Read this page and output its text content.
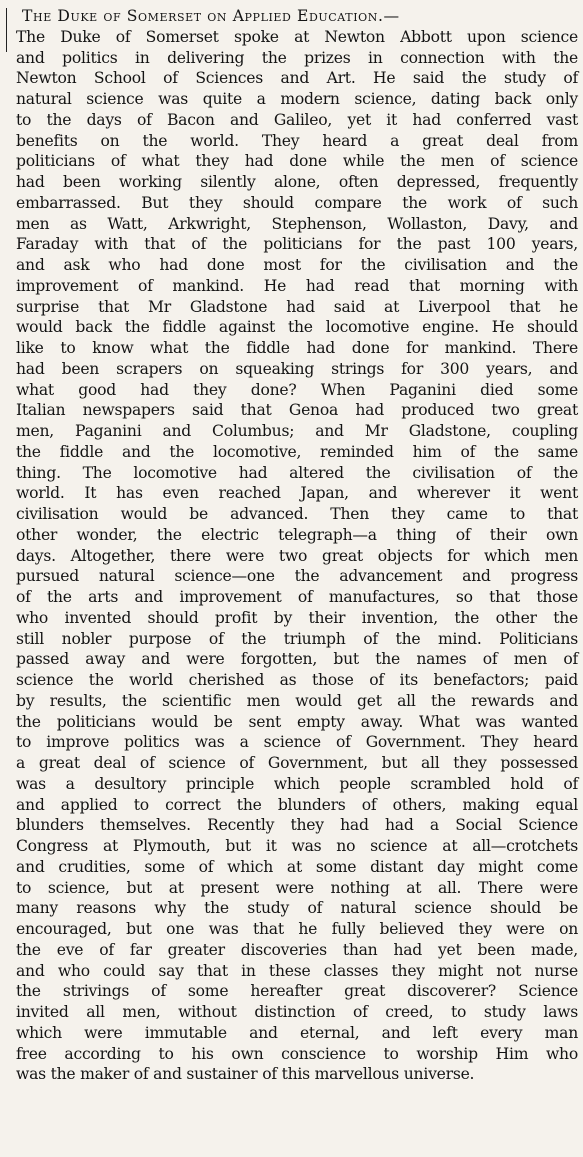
The Duke of Somerset on Applied Education.—
The Duke of Somerset spoke at Newton Abbott upon science
and politics in delivering the prizes in connection with the
Newton School of Sciences and Art. He said the study of
natural science was quite a modern science, dating back only
to the days of Bacon and Galileo, yet it had conferred vast
benefits on the world. They heard a great deal from
politicians of what they had done while the men of science
had been working silently alone, often depressed, frequently
embarrassed. But they should compare the work of such
men as Watt, Arkwright, Stephenson, Wollaston, Davy, and
Faraday with that of the politicians for the past 100 years,
and ask who had done most for the civilisation and the
improvement of mankind. He had read that morning with
surprise that Mr Gladstone had said at Liverpool that he
would back the fiddle against the locomotive engine. He should
like to know what the fiddle had done for mankind. There
had been scrapers on squeaking strings for 300 years, and
what good had they done? When Paganini died some
Italian newspapers said that Genoa had produced two great
men, Paganini and Columbus; and Mr Gladstone, coupling
the fiddle and the locomotive, reminded him of the same
thing. The locomotive had altered the civilisation of the
world. It has even reached Japan, and wherever it went
civilisation would be advanced. Then they came to that
other wonder, the electric telegraph—a thing of their own
days. Altogether, there were two great objects for which men
pursued natural science—one the advancement and progress
of the arts and improvement of manufactures, so that those
who invented should profit by their invention, the other the
still nobler purpose of the triumph of the mind. Politicians
passed away and were forgotten, but the names of men of
science the world cherished as those of its benefactors; paid
by results, the scientific men would get all the rewards and
the politicians would be sent empty away. What was wanted
to improve politics was a science of Government. They heard
a great deal of science of Government, but all they possessed
was a desultory principle which people scrambled hold of
and applied to correct the blunders of others, making equal
blunders themselves. Recently they had had a Social Science
Congress at Plymouth, but it was no science at all—crotchets
and crudities, some of which at some distant day might come
to science, but at present were nothing at all. There were
many reasons why the study of natural science should be
encouraged, but one was that he fully believed they were on
the eve of far greater discoveries than had yet been made,
and who could say that in these classes they might not nurse
the strivings of some hereafter great discoverer? Science
invited all men, without distinction of creed, to study laws
which were immutable and eternal, and left every man
free according to his own conscience to worship Him who
was the maker of and sustainer of this marvellous universe.
